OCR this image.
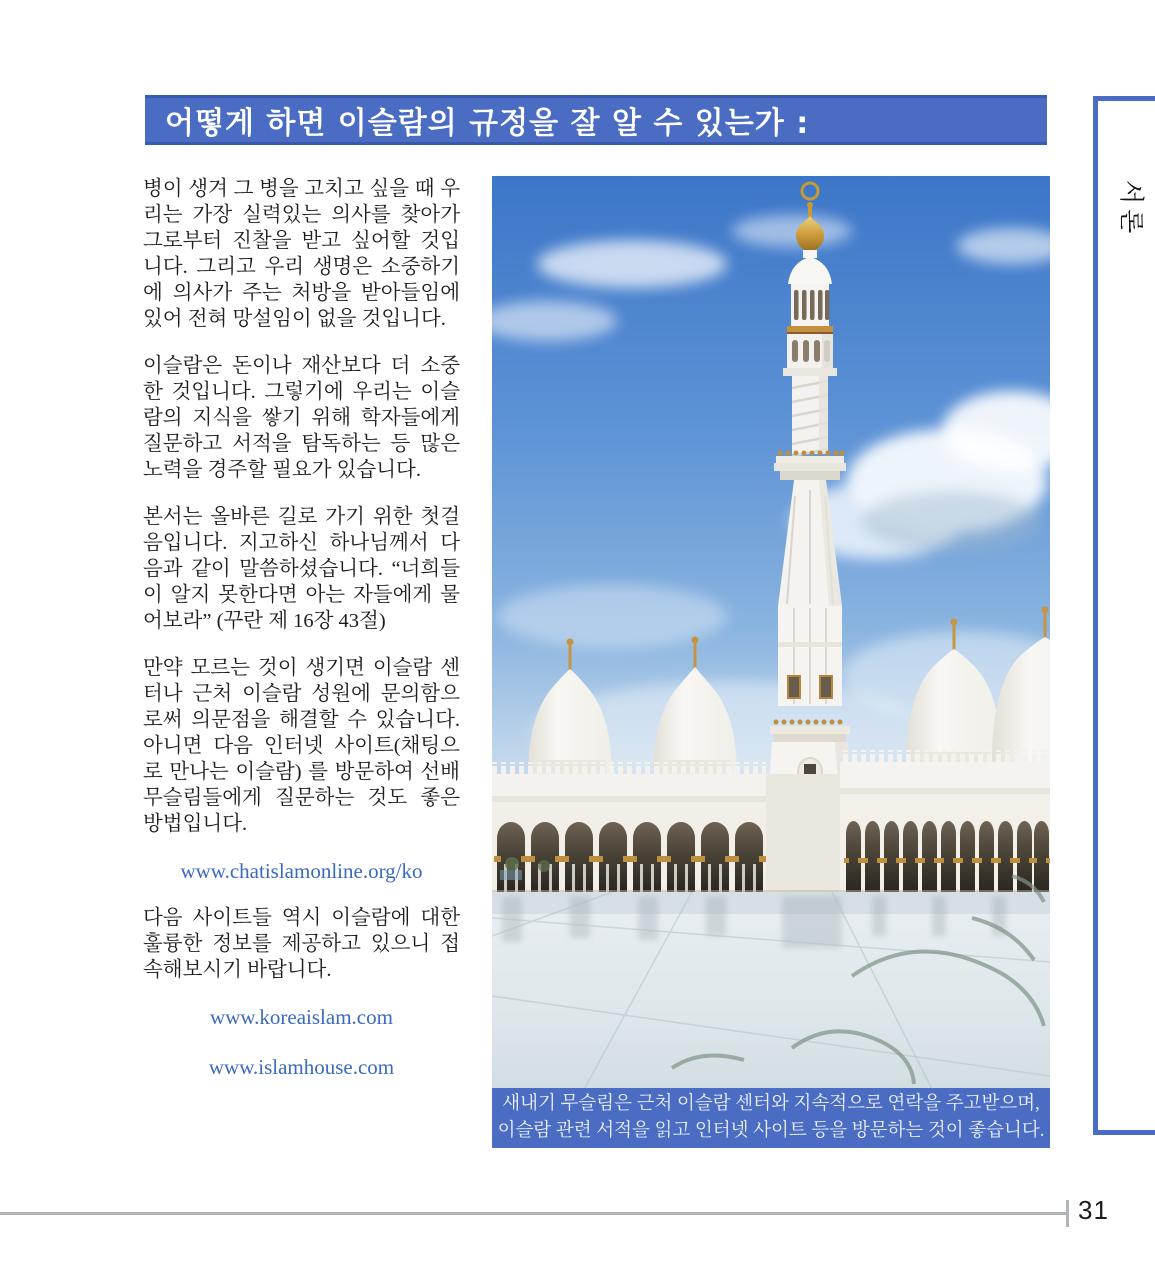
어떻게 하면 이슬람의 규정을 잘 알 수 있는가 :

병이 생겨 그 병을 고치고 싶을 때 우리는 가장 실력있는 의사를 찾아가 그로부터 진찰을 받고 싶어할 것입니다. 그리고 우리 생명은 소중하기에 의사가 주는 처방을 받아들임에 있어 전혀 망설임이 없을 것입니다.

이슬람은 돈이나 재산보다 더 소중한 것입니다. 그렇기에 우리는 이슬람의 지식을 쌓기 위해 학자들에게 질문하고 서적을 탐독하는 등 많은 노력을 경주할 필요가 있습니다.

본서는 올바른 길로 가기 위한 첫걸음입니다. 지고하신 하나님께서 다음과 같이 말씀하셨습니다. “너희들이 알지 못한다면 아는 자들에게 물어보라” (꾸란 제 16장 43절)

만약 모르는 것이 생기면 이슬람 센터나 근처 이슬람 성원에 문의함으로써 의문점을 해결할 수 있습니다. 아니면 다음 인터넷 사이트(채팅으로 만나는 이슬람) 를 방문하여 선배 무슬림들에게 질문하는 것도 좋은 방법입니다.

www.chatislamonline.org/ko

다음 사이트들 역시 이슬람에 대한 훌륭한 정보를 제공하고 있으니 접속해보시기 바랍니다.

www.koreaislam.com
www.islamhouse.com
새내기 무슬림은 근처 이슬람 센터와 지속적으로 연락을 주고받으며,
이슬람 관련 서적을 읽고 인터넷 사이트 등을 방문하는 것이 좋습니다.
서론
31
